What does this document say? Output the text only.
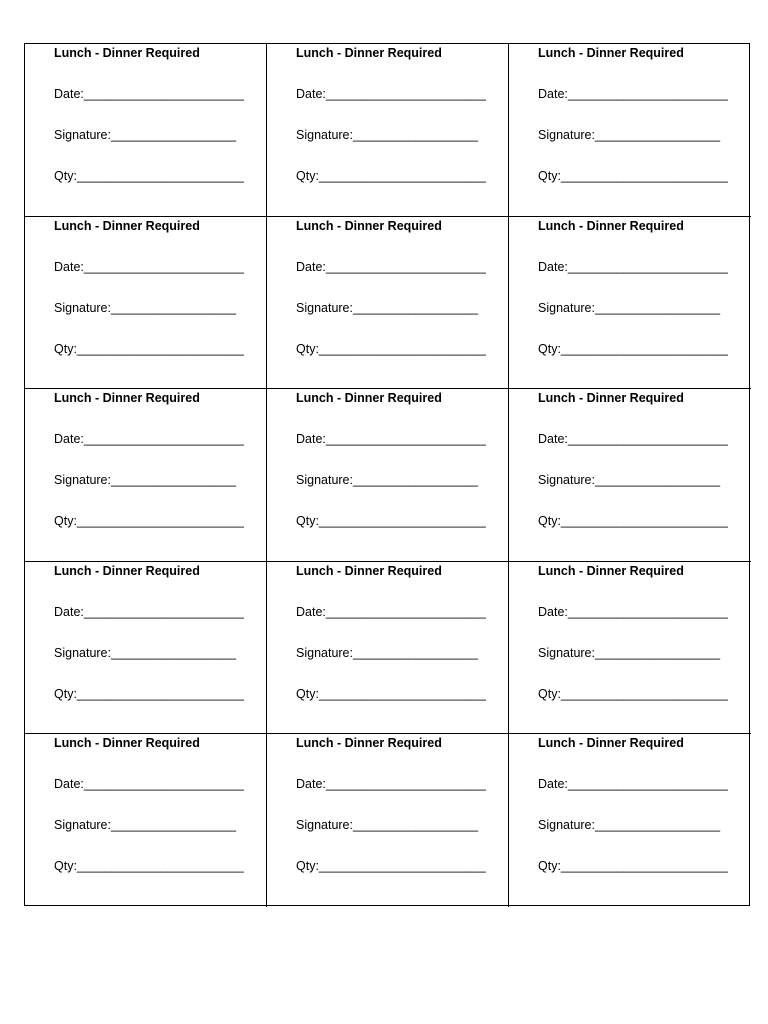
Lunch - Dinner Required
Date:_______________________
Signature:__________________
Qty:________________________
Lunch - Dinner Required
Date:_______________________
Signature:__________________
Qty:________________________
Lunch - Dinner Required
Date:_______________________
Signature:__________________
Qty:________________________
Lunch - Dinner Required
Date:_______________________
Signature:__________________
Qty:________________________
Lunch - Dinner Required
Date:_______________________
Signature:__________________
Qty:________________________
Lunch - Dinner Required
Date:_______________________
Signature:__________________
Qty:________________________
Lunch - Dinner Required
Date:_______________________
Signature:__________________
Qty:________________________
Lunch - Dinner Required
Date:_______________________
Signature:__________________
Qty:________________________
Lunch - Dinner Required
Date:_______________________
Signature:__________________
Qty:________________________
Lunch - Dinner Required
Date:_______________________
Signature:__________________
Qty:________________________
Lunch - Dinner Required
Date:_______________________
Signature:__________________
Qty:________________________
Lunch - Dinner Required
Date:_______________________
Signature:__________________
Qty:________________________
Lunch - Dinner Required
Date:_______________________
Signature:__________________
Qty:________________________
Lunch - Dinner Required
Date:_______________________
Signature:__________________
Qty:________________________
Lunch - Dinner Required
Date:_______________________
Signature:__________________
Qty:________________________
